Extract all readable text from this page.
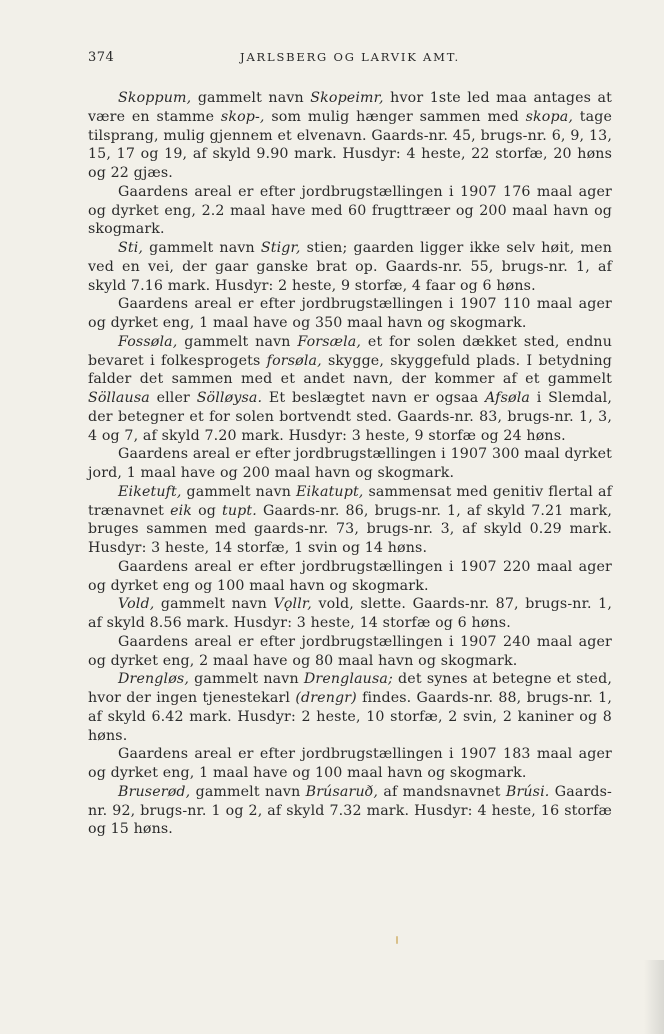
374	JARLSBERG OG LARVIK AMT.

Skoppum, gammelt navn Skopeimr, hvor 1ste led maa antages at være en stamme skop-, som mulig hænger sammen med skopa, tage tilsprang, mulig gjennem et elvenavn. Gaards-nr. 45, brugs-nr. 6, 9, 13, 15, 17 og 19, af skyld 9.90 mark. Husdyr: 4 heste, 22 storfæ, 20 høns og 22 gjæs.

Gaardens areal er efter jordbrugstællingen i 1907 176 maal ager og dyrket eng, 2.2 maal have med 60 frugttræer og 200 maal havn og skogmark.

Sti, gammelt navn Stigr, stien; gaarden ligger ikke selv høit, men ved en vei, der gaar ganske brat op. Gaards-nr. 55, brugs-nr. 1, af skyld 7.16 mark. Husdyr: 2 heste, 9 storfæ, 4 faar og 6 høns.

Gaardens areal er efter jordbrugstællingen i 1907 110 maal ager og dyrket eng, 1 maal have og 350 maal havn og skogmark.

Fossøla, gammelt navn Forsæla, et for solen dækket sted, endnu bevaret i folkesprogets forsøla, skygge, skyggefuld plads. I betydning falder det sammen med et andet navn, der kommer af et gammelt Söllausa eller Sölløysa. Et beslægtet navn er ogsaa Afsøla i Slemdal, der betegner et for solen bortvendt sted. Gaards-nr. 83, brugs-nr. 1, 3, 4 og 7, af skyld 7.20 mark. Husdyr: 3 heste, 9 storfæ og 24 høns.

Gaardens areal er efter jordbrugstællingen i 1907 300 maal dyrket jord, 1 maal have og 200 maal havn og skogmark.

Eiketuft, gammelt navn Eikatupt, sammensat med genitiv flertal af trænavnet eik og tupt. Gaards-nr. 86, brugs-nr. 1, af skyld 7.21 mark, bruges sammen med gaards-nr. 73, brugs-nr. 3, af skyld 0.29 mark. Husdyr: 3 heste, 14 storfæ, 1 svin og 14 høns.

Gaardens areal er efter jordbrugstællingen i 1907 220 maal ager og dyrket eng og 100 maal havn og skogmark.

Vold, gammelt navn Vǫllr, vold, slette. Gaards-nr. 87, brugs-nr. 1, af skyld 8.56 mark. Husdyr: 3 heste, 14 storfæ og 6 høns.

Gaardens areal er efter jordbrugstællingen i 1907 240 maal ager og dyrket eng, 2 maal have og 80 maal havn og skogmark.

Drengløs, gammelt navn Drenglausa; det synes at betegne et sted, hvor der ingen tjenestekarl (drengr) findes. Gaards-nr. 88, brugs-nr. 1, af skyld 6.42 mark. Husdyr: 2 heste, 10 storfæ, 2 svin, 2 kaniner og 8 høns.

Gaardens areal er efter jordbrugstællingen i 1907 183 maal ager og dyrket eng, 1 maal have og 100 maal havn og skogmark.

Bruserød, gammelt navn Brúsaruð, af mandsnavnet Brúsi. Gaards-nr. 92, brugs-nr. 1 og 2, af skyld 7.32 mark. Husdyr: 4 heste, 16 storfæ og 15 høns.
